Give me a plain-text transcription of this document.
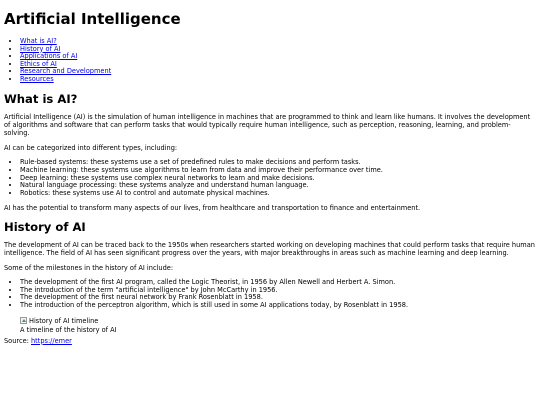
Artificial Intelligence
• What is AI?
• History of AI
• Applications of AI
• Ethics of AI
• Research and Development
• Resources
What is AI?

Artificial Intelligence (AI) is the simulation of human intelligence in machines that are programmed to think and learn like humans. It involves the development of algorithms and software that can perform tasks that would typically require human intelligence, such as perception, reasoning, learning, and problem-solving.

AI can be categorized into different types, including:

• Rule-based systems: these systems use a set of predefined rules to make decisions and perform tasks.
• Machine learning: these systems use algorithms to learn from data and improve their performance over time.
• Deep learning: these systems use complex neural networks to learn and make decisions.
• Natural language processing: these systems analyze and understand human language.
• Robotics: these systems use AI to control and automate physical machines.

AI has the potential to transform many aspects of our lives, from healthcare and transportation to finance and entertainment.

History of AI

The development of AI can be traced back to the 1950s when researchers started working on developing machines that could perform tasks that require human intelligence. The field of AI has seen significant progress over the years, with major breakthroughs in areas such as machine learning and deep learning.

Some of the milestones in the history of AI include:

• The development of the first AI program, called the Logic Theorist, in 1956 by Allen Newell and Herbert A. Simon.
• The introduction of the term "artificial intelligence" by John McCarthy in 1956.
• The development of the first neural network by Frank Rosenblatt in 1958.
• The introduction of the perceptron algorithm, which is still used in some AI applications today, by Rosenblatt in 1958.
History of AI timeline
A timeline of the history of AI

Source: https://emer
